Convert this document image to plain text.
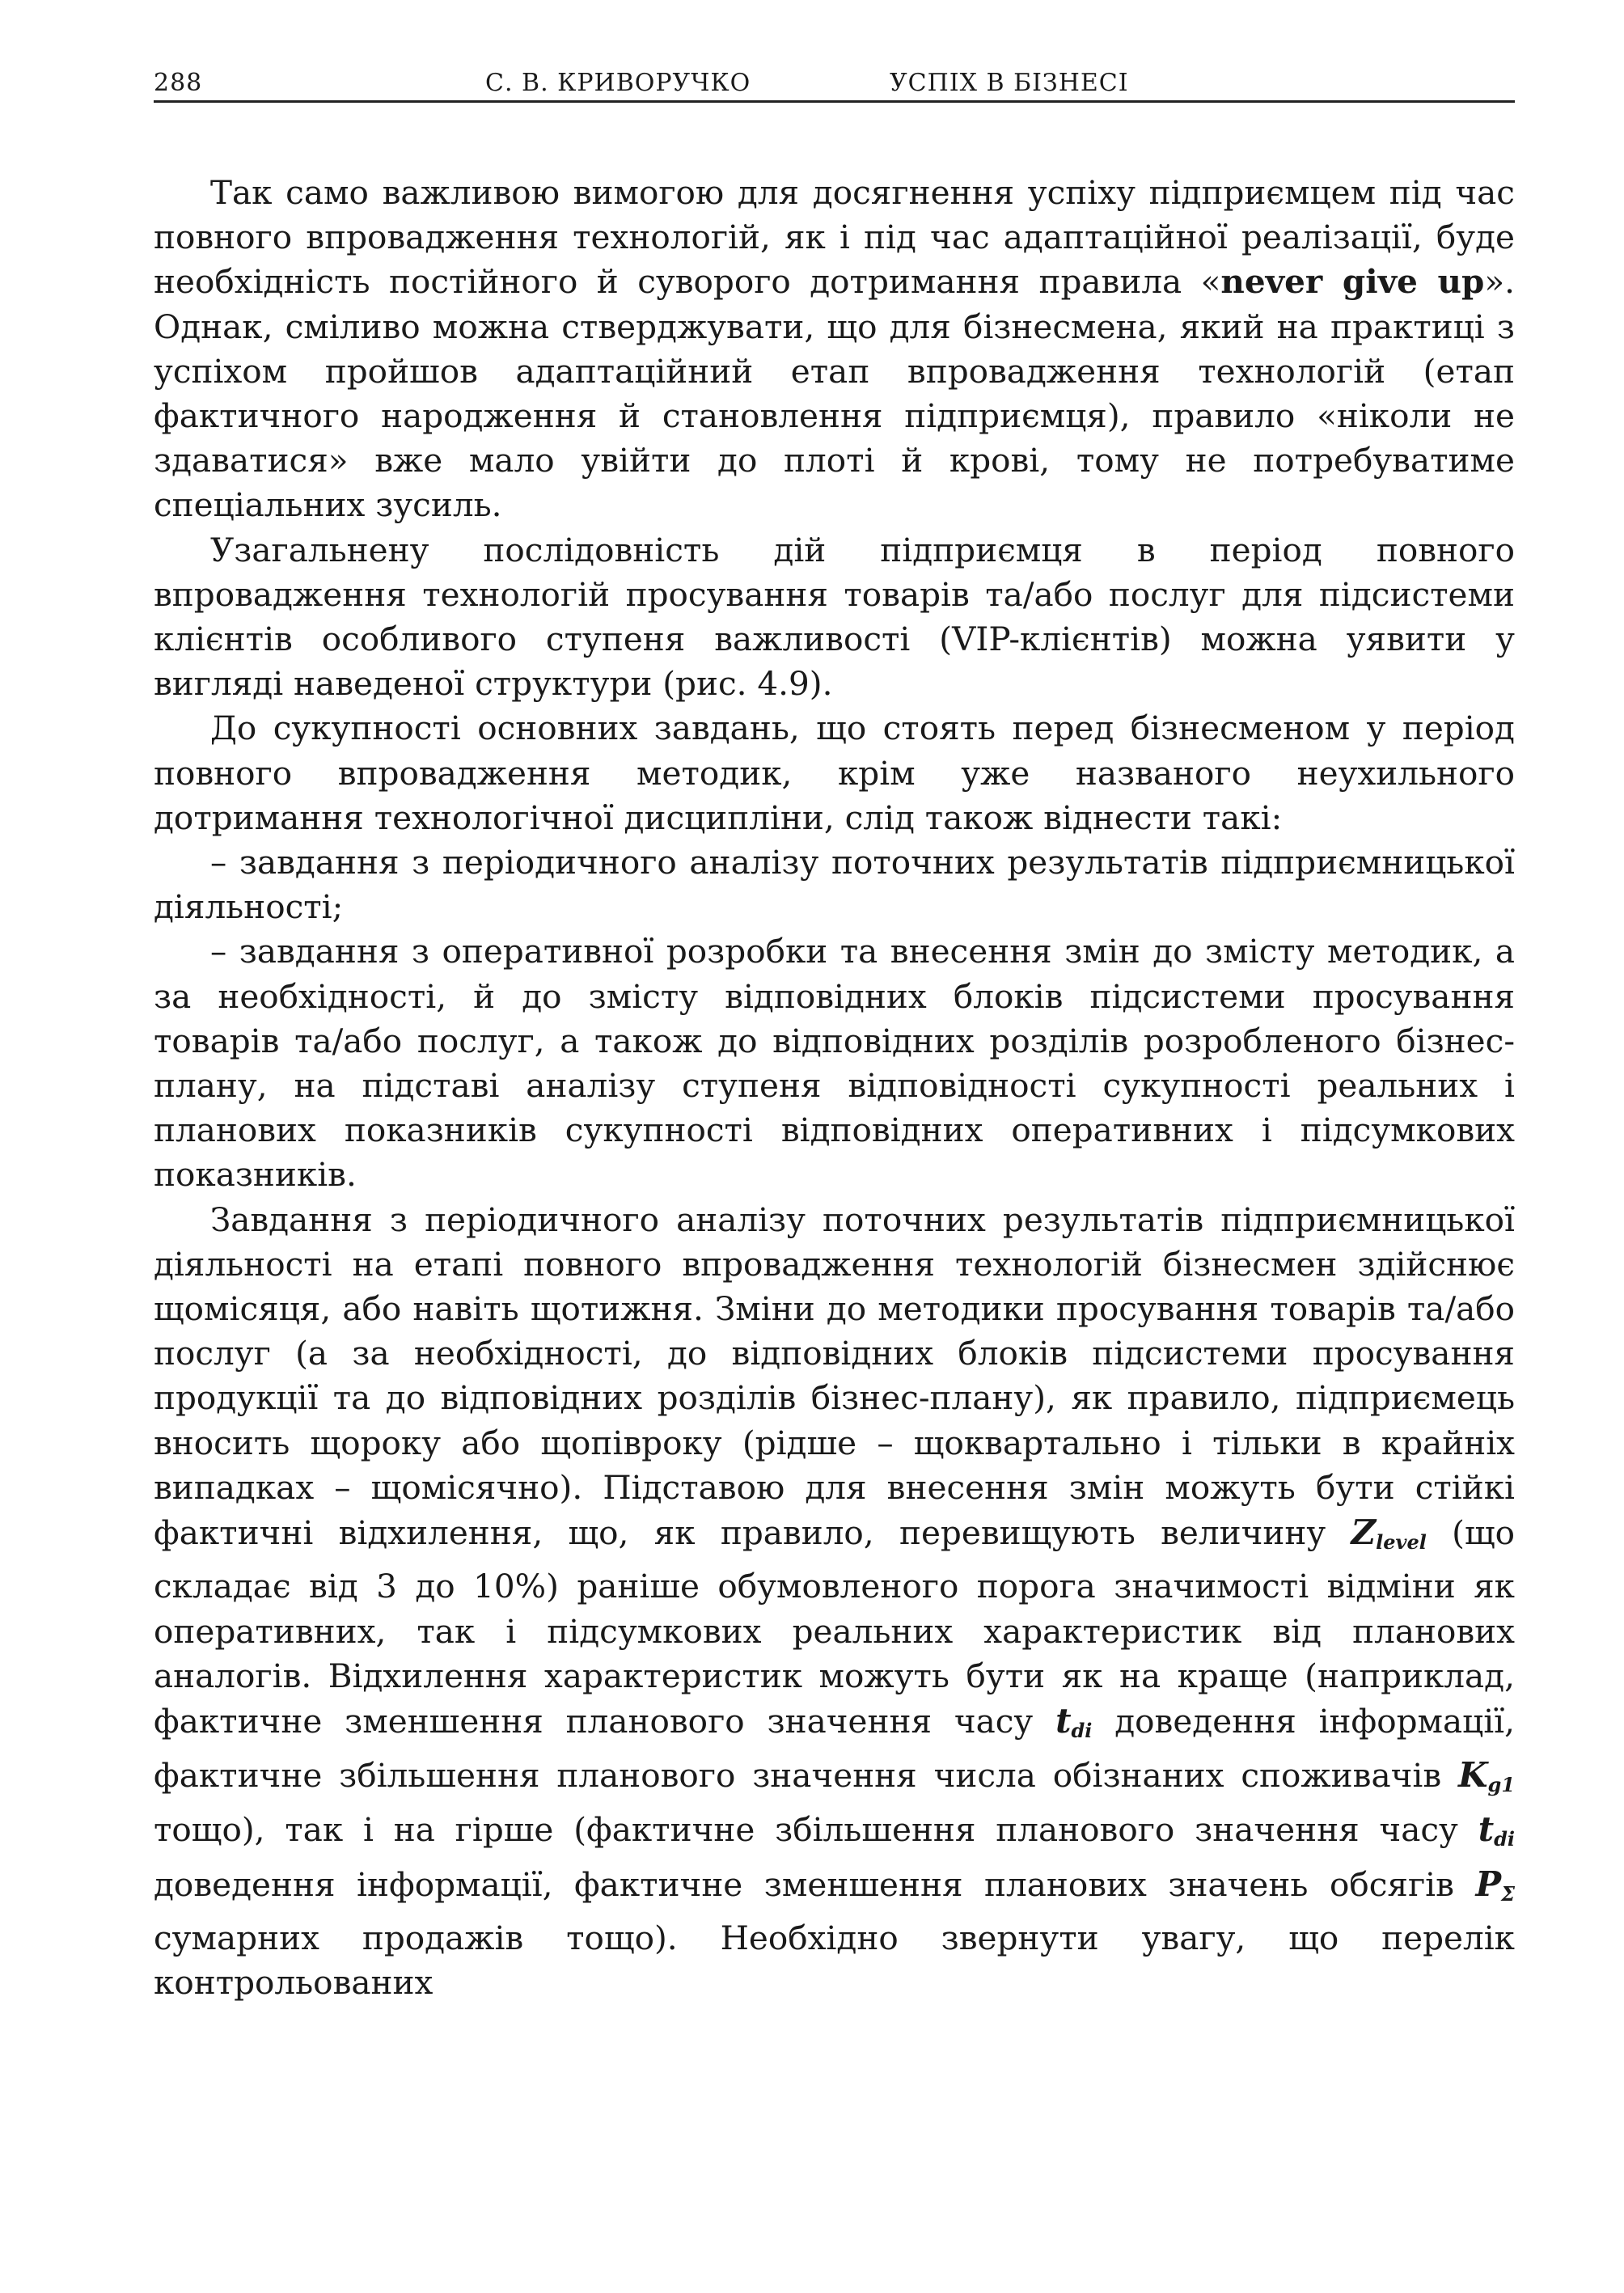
288	С. В. КРИВОРУЧКО	УСПІХ В БІЗНЕСІ

Так само важливою вимогою для досягнення успіху підприємцем під час повного впровадження технологій, як і під час адаптаційної реалізації, буде необхідність постійного й суворого дотримання правила «never give up». Однак, сміливо можна стверджувати, що для бізнесмена, який на практиці з успіхом пройшов адаптаційний етап впровадження технологій (етап фактичного народження й становлення підприємця), правило «ніколи не здаватися» вже мало увійти до плоті й крові, тому не потребуватиме спеціальних зусиль.

Узагальнену послідовність дій підприємця в період повного впровадження технологій просування товарів та/або послуг для підсистеми клієнтів особливого ступеня важливості (VIP-клієнтів) можна уявити у вигляді наведеної структури (рис. 4.9).

До сукупності основних завдань, що стоять перед бізнесменом у період повного впровадження методик, крім уже названого неухильного дотримання технологічної дисципліни, слід також віднести такі:

– завдання з періодичного аналізу поточних результатів підприємницької діяльності;

– завдання з оперативної розробки та внесення змін до змісту методик, а за необхідності, й до змісту відповідних блоків підсистеми просування товарів та/або послуг, а також до відповідних розділів розробленого бізнес-плану, на підставі аналізу ступеня відповідності сукупності реальних і планових показників сукупності відповідних оперативних і підсумкових показників.

Завдання з періодичного аналізу поточних результатів підприємницької діяльності на етапі повного впровадження технологій бізнесмен здійснює щомісяця, або навіть щотижня. Зміни до методики просування товарів та/або послуг (а за необхідності, до відповідних блоків підсистеми просування продукції та до відповідних розділів бізнес-плану), як правило, підприємець вносить щороку або щопівроку (рідше – щоквартально і тільки в крайніх випадках – щомісячно). Підставою для внесення змін можуть бути стійкі фактичні відхилення, що, як правило, перевищують величину $Z_{level}$ (що складає від 3 до 10%) раніше обумовленого порога значимості відміни як оперативних, так і підсумкових реальних характеристик від планових аналогів. Відхилення характеристик можуть бути як на краще (наприклад, фактичне зменшення планового значення часу $t_{di}$ доведення інформації, фактичне збільшення планового значення числа обізнаних споживачів $K_{g1}$ тощо), так і на гірше (фактичне збільшення планового значення часу $t_{di}$ доведення інформації, фактичне зменшення планових значень обсягів $P_\Sigma$ сумарних продажів тощо). Необхідно звернути увагу, що перелік контрольованих
